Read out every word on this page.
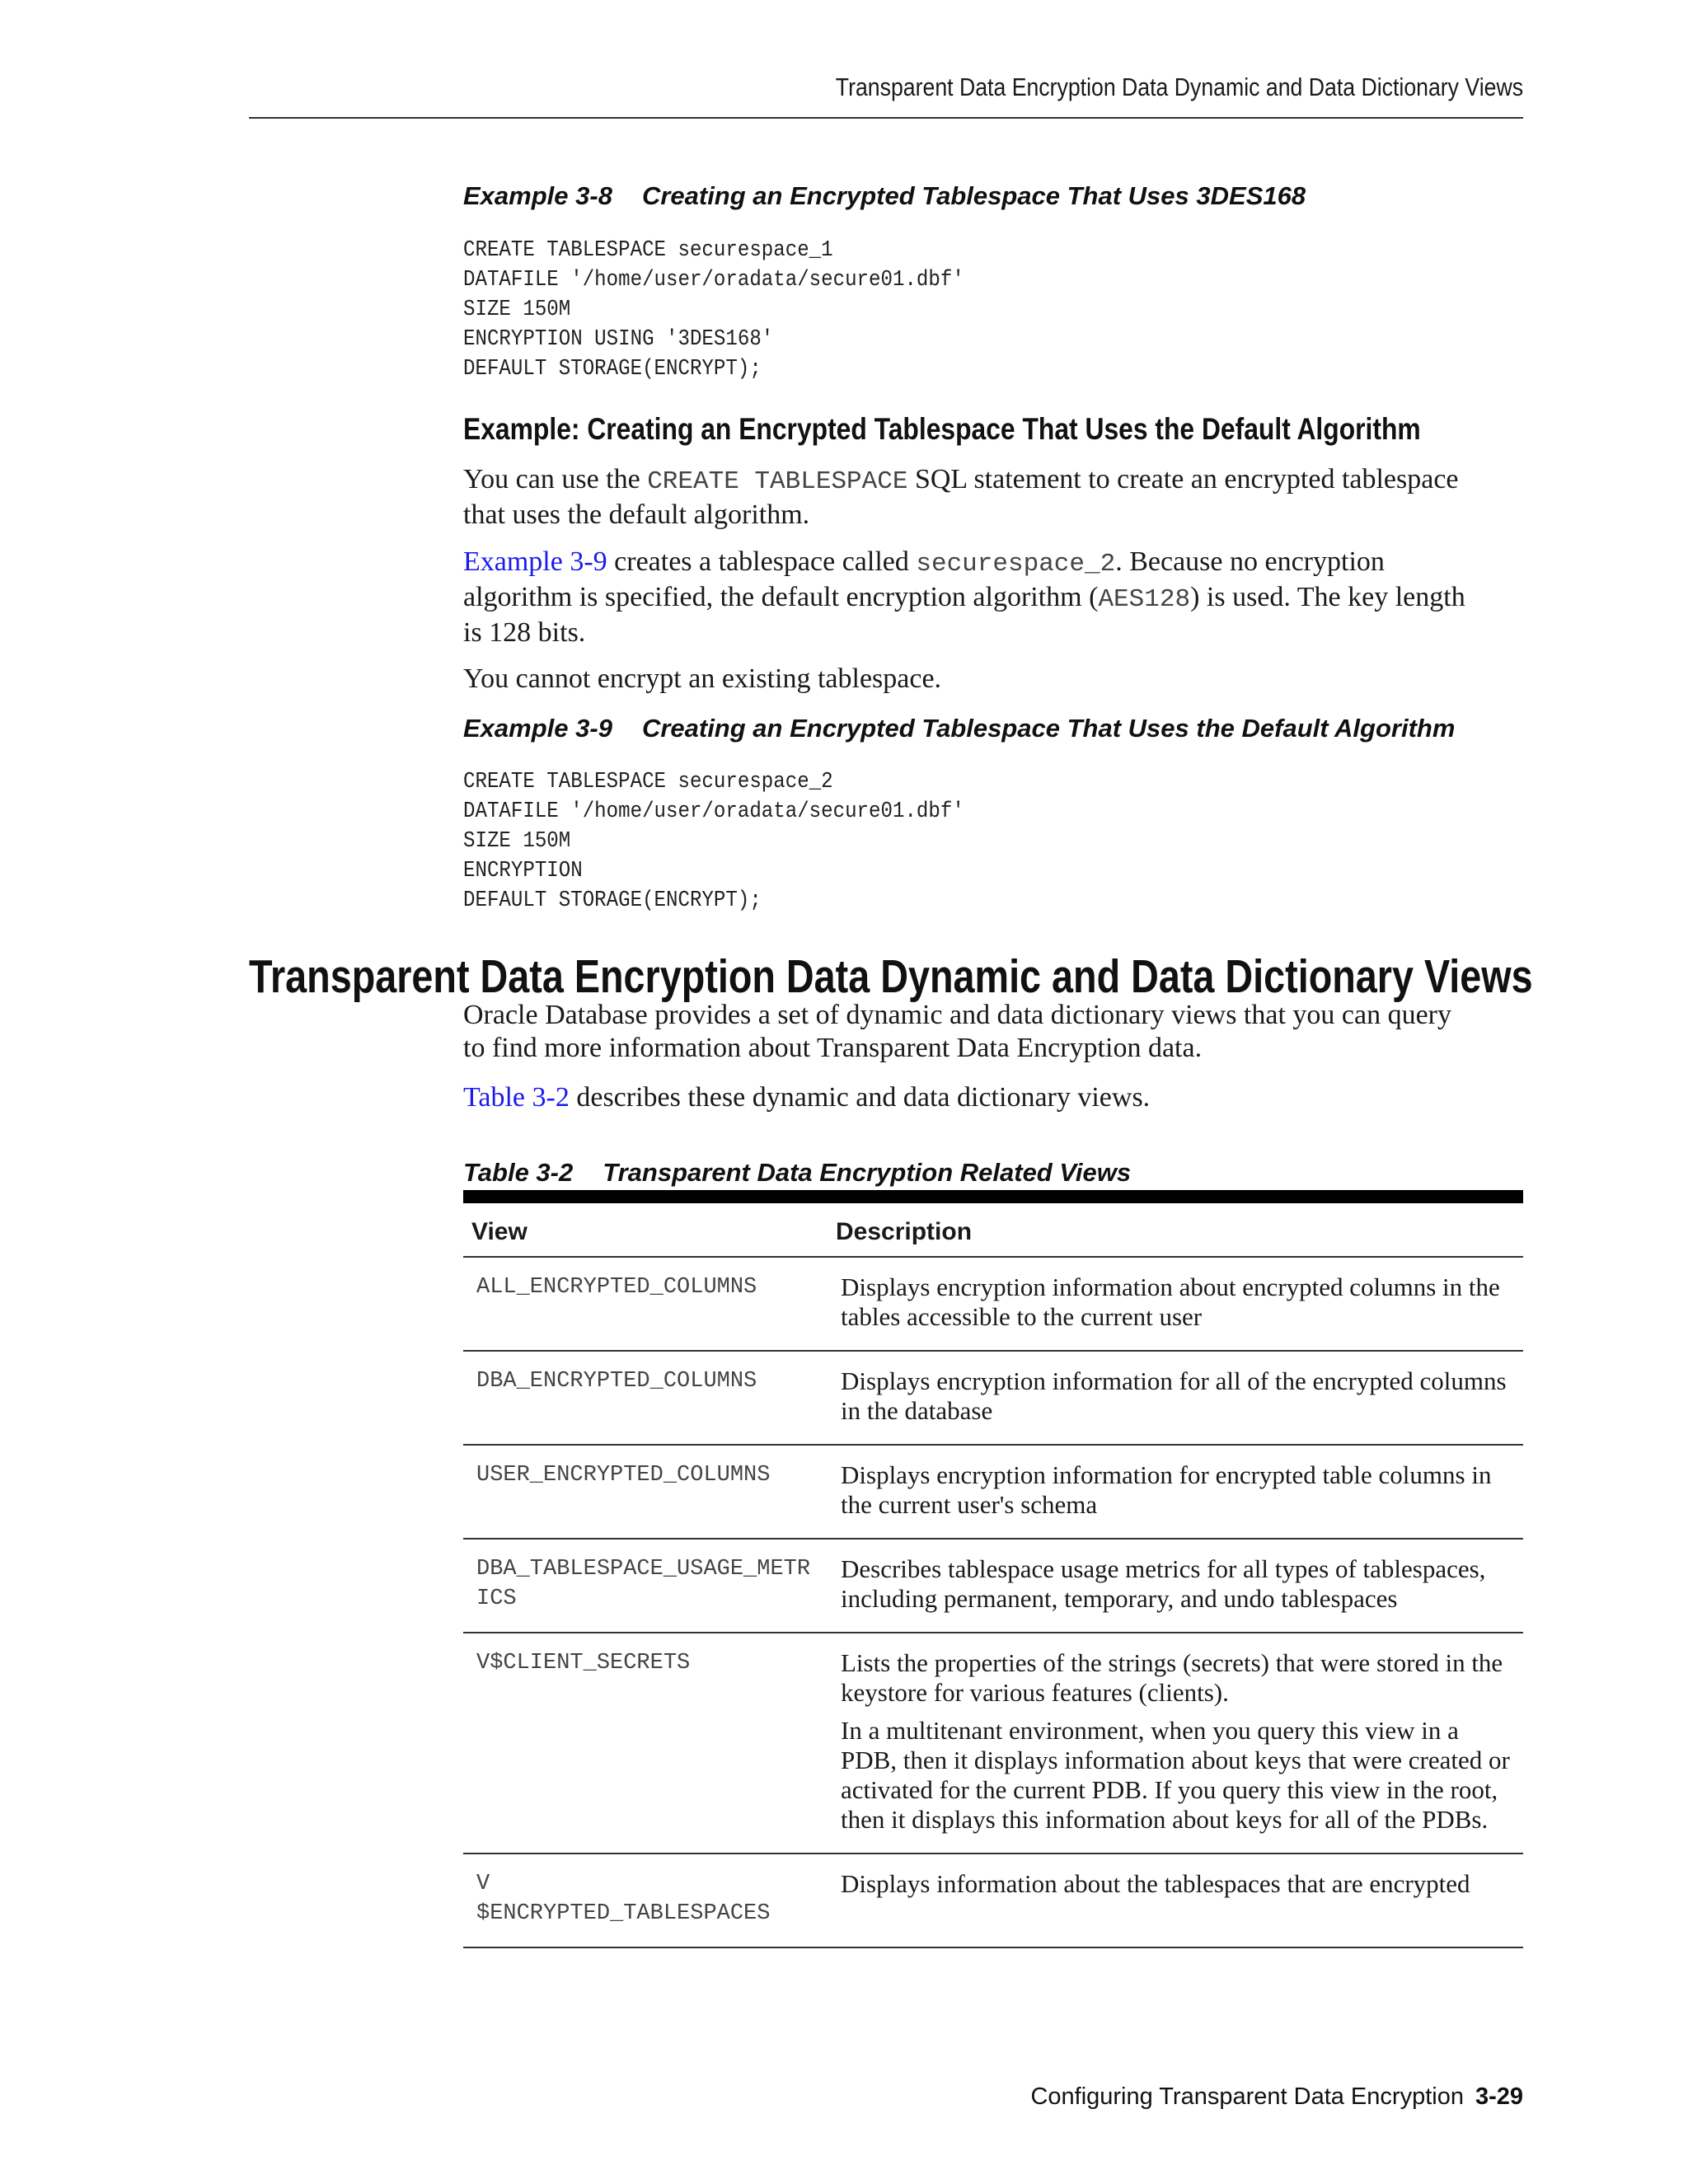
Transparent Data Encryption Data Dynamic and Data Dictionary Views
Example 3-8 Creating an Encrypted Tablespace That Uses 3DES168
CREATE TABLESPACE securespace_1
DATAFILE '/home/user/oradata/secure01.dbf'
SIZE 150M
ENCRYPTION USING '3DES168'
DEFAULT STORAGE(ENCRYPT);
Example: Creating an Encrypted Tablespace That Uses the Default Algorithm

You can use the CREATE TABLESPACE SQL statement to create an encrypted tablespace that uses the default algorithm.

Example 3-9 creates a tablespace called securespace_2. Because no encryption algorithm is specified, the default encryption algorithm (AES128) is used. The key length is 128 bits.

You cannot encrypt an existing tablespace.

Example 3-9 Creating an Encrypted Tablespace That Uses the Default Algorithm
CREATE TABLESPACE securespace_2
DATAFILE '/home/user/oradata/secure01.dbf'
SIZE 150M
ENCRYPTION
DEFAULT STORAGE(ENCRYPT);

Oracle Database provides a set of dynamic and data dictionary views that you can query to find more information about Transparent Data Encryption data.

Table 3-2 describes these dynamic and data dictionary views.

Table 3-2 Transparent Data Encryption Related Views
View	Description
ALL_ENCRYPTED_COLUMNS	Displays encryption information about encrypted columns in the tables accessible to the current user

DBA_ENCRYPTED_COLUMNS	Displays encryption information for all of the encrypted columns in the database

USER_ENCRYPTED_COLUMNS	Displays encryption information for encrypted table columns in the current user's schema

DBA_TABLESPACE_USAGE_METRICS	Describes tablespace usage metrics for all types of tablespaces, including permanent, temporary, and undo tablespaces

V$CLIENT_SECRETS	Lists the properties of the strings (secrets) that were stored in the keystore for various features (clients).

In a multitenant environment, when you query this view in a PDB, then it displays information about keys that were created or activated for the current PDB. If you query this view in the root, then it displays this information about keys for all of the PDBs.

V
$ENCRYPTED_TABLESPACES	Displays information about the tablespaces that are encrypted

Transparent Data Encryption Data Dynamic and Data Dictionary Views
Configuring Transparent Data Encryption 3-29
